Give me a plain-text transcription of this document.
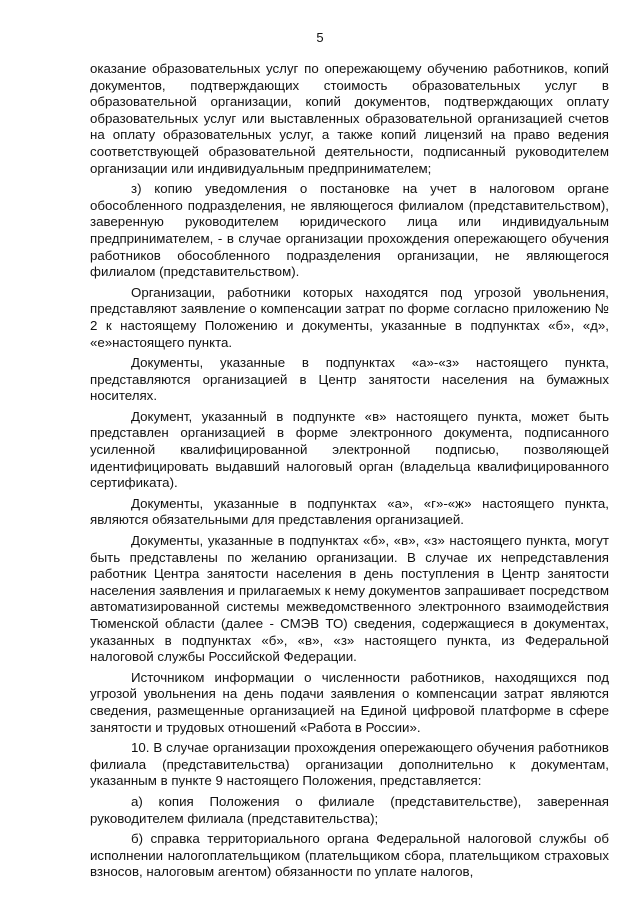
5

оказание образовательных услуг по опережающему обучению работников, копий документов, подтверждающих стоимость образовательных услуг в образовательной организации, копий документов, подтверждающих оплату образовательных услуг или выставленных образовательной организацией счетов на оплату образовательных услуг, а также копий лицензий на право ведения соответствующей образовательной деятельности, подписанный руководителем организации или индивидуальным предпринимателем;

з) копию уведомления о постановке на учет в налоговом органе обособленного подразделения, не являющегося филиалом (представительством), заверенную руководителем юридического лица или индивидуальным предпринимателем, - в случае организации прохождения опережающего обучения работников обособленного подразделения организации, не являющегося филиалом (представительством).

Организации, работники которых находятся под угрозой увольнения, представляют заявление о компенсации затрат по форме согласно приложению № 2 к настоящему Положению и документы, указанные в подпунктах «б», «д», «е»настоящего пункта.

Документы, указанные в подпунктах «а»-«з» настоящего пункта, представляются организацией в Центр занятости населения на бумажных носителях.

Документ, указанный в подпункте «в» настоящего пункта, может быть представлен организацией в форме электронного документа, подписанного усиленной квалифицированной электронной подписью, позволяющей идентифицировать выдавший налоговый орган (владельца квалифицированного сертификата).

Документы, указанные в подпунктах «а», «г»-«ж» настоящего пункта, являются обязательными для представления организацией.

Документы, указанные в подпунктах «б», «в», «з» настоящего пункта, могут быть представлены по желанию организации. В случае их непредставления работник Центра занятости населения в день поступления в Центр занятости населения заявления и прилагаемых к нему документов запрашивает посредством автоматизированной системы межведомственного электронного взаимодействия Тюменской области (далее - СМЭВ ТО) сведения, содержащиеся в документах, указанных в подпунктах «б», «в», «з» настоящего пункта, из Федеральной налоговой службы Российской Федерации.

Источником информации о численности работников, находящихся под угрозой увольнения на день подачи заявления о компенсации затрат являются сведения, размещенные организацией на Единой цифровой платформе в сфере занятости и трудовых отношений «Работа в России».

10. В случае организации прохождения опережающего обучения работников филиала (представительства) организации дополнительно к документам, указанным в пункте 9 настоящего Положения, представляется:

а) копия Положения о филиале (представительстве), заверенная руководителем филиала (представительства);

б) справка территориального органа Федеральной налоговой службы об исполнении налогоплательщиком (плательщиком сбора, плательщиком страховых взносов, налоговым агентом) обязанности по уплате налогов,
